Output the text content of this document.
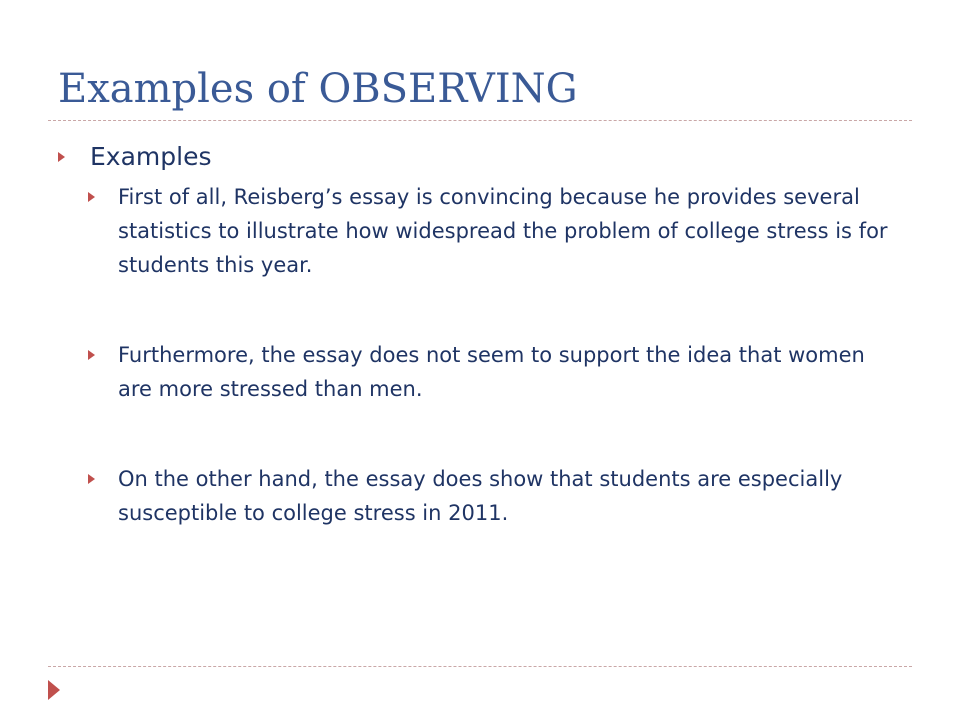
Examples of OBSERVING
Examples
First of all, Reisberg’s essay is convincing because he provides several statistics to illustrate how widespread the problem of college stress is for students this year.
Furthermore, the essay does not seem to support the idea that women are more stressed than men.
On the other hand, the essay does show that students are especially susceptible to college stress in 2011.
